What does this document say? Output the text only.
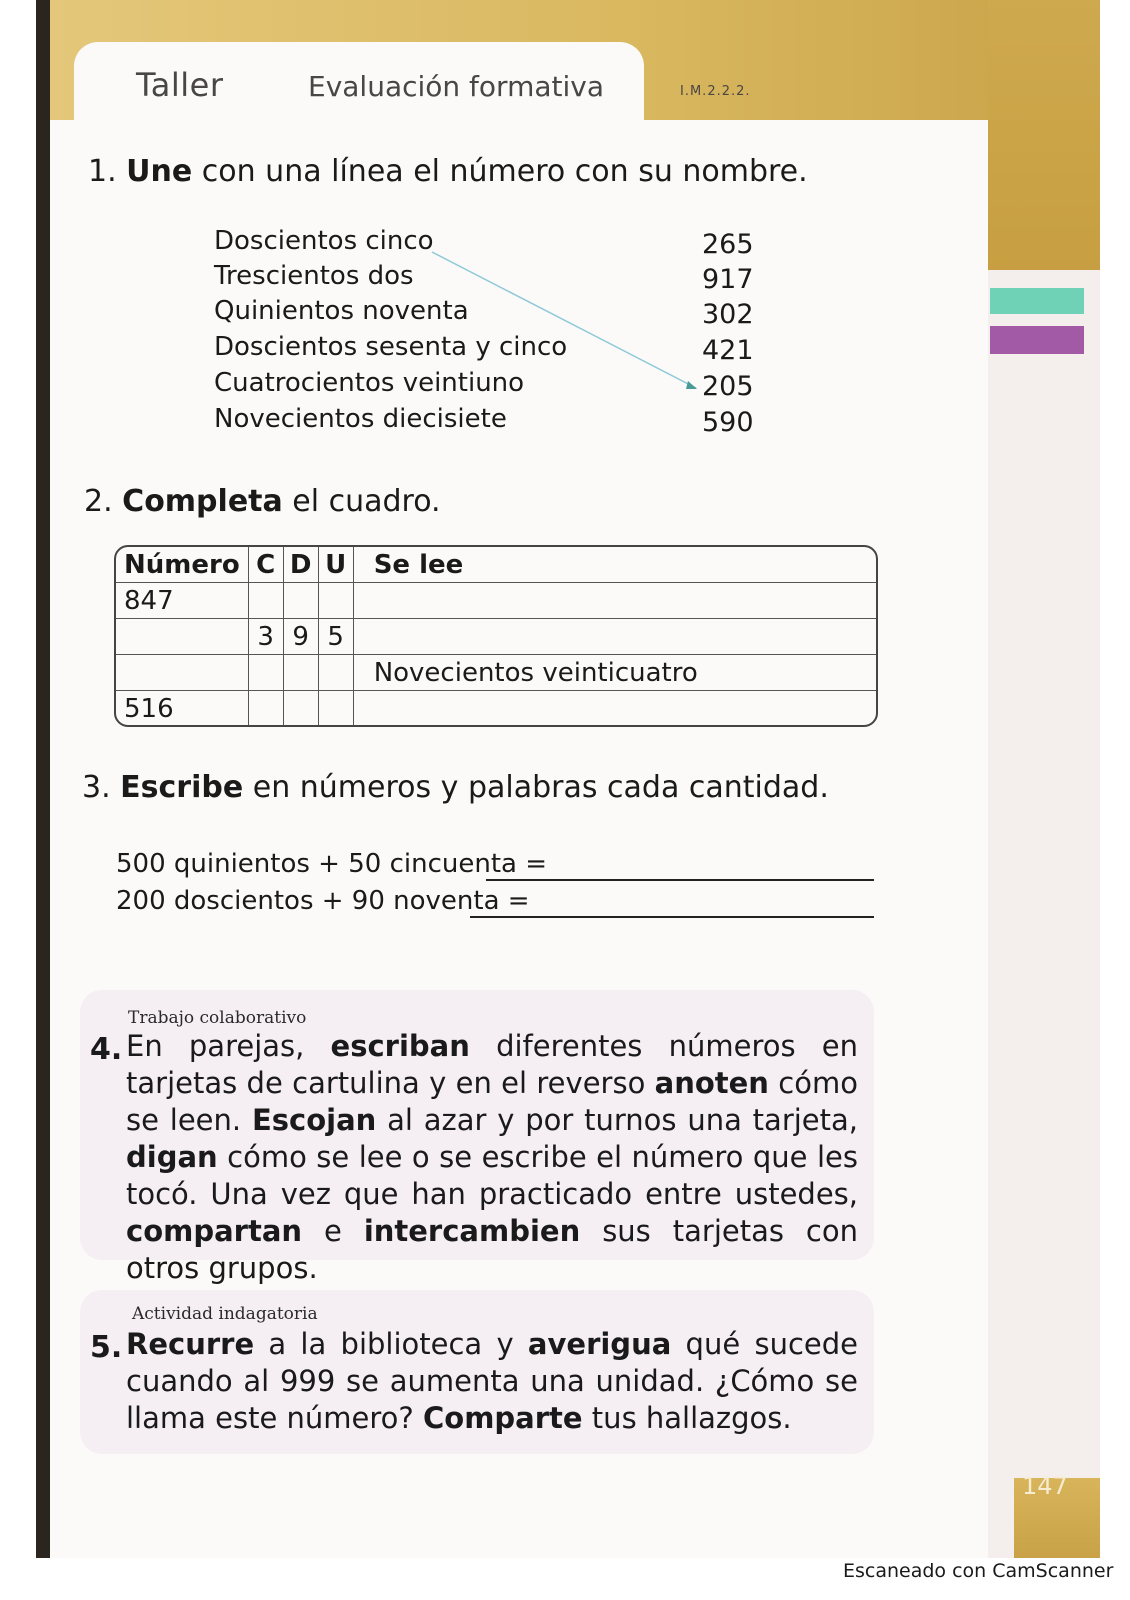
Taller	Evaluación formativa	I.M.2.2.2.
1. Une con una línea el número con su nombre.
Doscientos cinco
Trescientos dos
Quinientos noventa
Doscientos sesenta y cinco
Cuatrocientos veintiuno
Novecientos diecisiete
265
917
302
421
205
590
2. Completa el cuadro.
Número	C	D	U	Se lee
847				
	3	9	5	
				Novecientos veinticuatro
516				
3. Escribe en números y palabras cada cantidad.
500 quinientos + 50 cincuenta =
200 doscientos + 90 noventa =
Trabajo colaborativo
4. En parejas, escriban diferentes números en tarjetas de cartulina y en el reverso anoten cómo se leen. Escojan al azar y por turnos una tarjeta, digan cómo se lee o se escribe el número que les tocó. Una vez que han practicado entre ustedes, compartan e intercambien sus tarjetas con otros grupos.
Actividad indagatoria
5. Recurre a la biblioteca y averigua qué sucede cuando al 999 se aumenta una unidad. ¿Cómo se llama este número? Comparte tus hallazgos.
147
Escaneado con CamScanner
